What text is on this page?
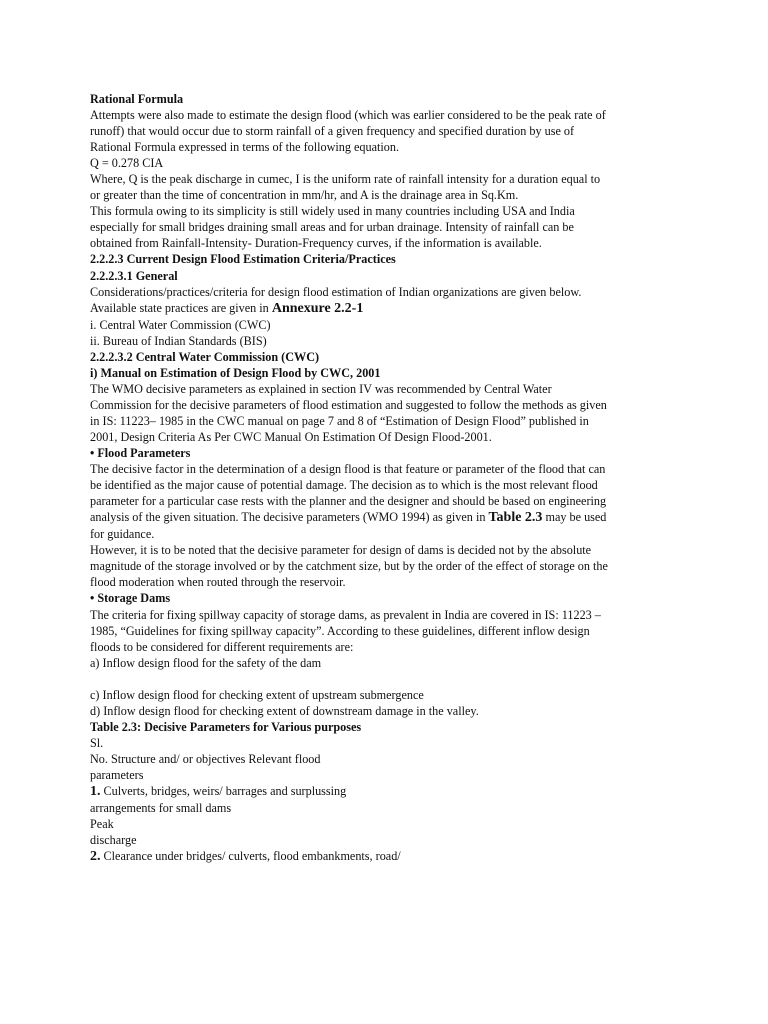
Rational Formula

Attempts were also made to estimate the design flood (which was earlier considered to be the peak rate of runoff) that would occur due to storm rainfall of a given frequency and specified duration by use of Rational Formula expressed in terms of the following equation.

Q = 0.278 CIA

Where, Q is the peak discharge in cumec, I is the uniform rate of rainfall intensity for a duration equal to or greater than the time of concentration in mm/hr, and A is the drainage area in Sq.Km.

This formula owing to its simplicity is still widely used in many countries including USA and India especially for small bridges draining small areas and for urban drainage. Intensity of rainfall can be obtained from Rainfall-Intensity- Duration-Frequency curves, if the information is available.

2.2.2.3 Current Design Flood Estimation Criteria/Practices

2.2.2.3.1 General

Considerations/practices/criteria for design flood estimation of Indian organizations are given below. Available state practices are given in Annexure 2.2-1

i. Central Water Commission (CWC)

ii. Bureau of Indian Standards (BIS)

2.2.2.3.2 Central Water Commission (CWC)

i) Manual on Estimation of Design Flood by CWC, 2001

The WMO decisive parameters as explained in section IV was recommended by Central Water Commission for the decisive parameters of flood estimation and suggested to follow the methods as given in IS: 11223– 1985 in the CWC manual on page 7 and 8 of “Estimation of Design Flood” published in 2001, Design Criteria As Per CWC Manual On Estimation Of Design Flood-2001.

• Flood Parameters

The decisive factor in the determination of a design flood is that feature or parameter of the flood that can be identified as the major cause of potential damage. The decision as to which is the most relevant flood parameter for a particular case rests with the planner and the designer and should be based on engineering analysis of the given situation. The decisive parameters (WMO 1994) as given in Table 2.3 may be used for guidance.

However, it is to be noted that the decisive parameter for design of dams is decided not by the absolute magnitude of the storage involved or by the catchment size, but by the order of the effect of storage on the flood moderation when routed through the reservoir.

• Storage Dams

The criteria for fixing spillway capacity of storage dams, as prevalent in India are covered in IS: 11223 – 1985, “Guidelines for fixing spillway capacity”. According to these guidelines, different inflow design floods to be considered for different requirements are:

a) Inflow design flood for the safety of the dam

c) Inflow design flood for checking extent of upstream submergence

d) Inflow design flood for checking extent of downstream damage in the valley.

Table 2.3: Decisive Parameters for Various purposes

Sl.

No. Structure and/ or objectives Relevant flood

parameters

1. Culverts, bridges, weirs/ barrages and surplussing

arrangements for small dams

Peak

discharge

2. Clearance under bridges/ culverts, flood embankments, road/
